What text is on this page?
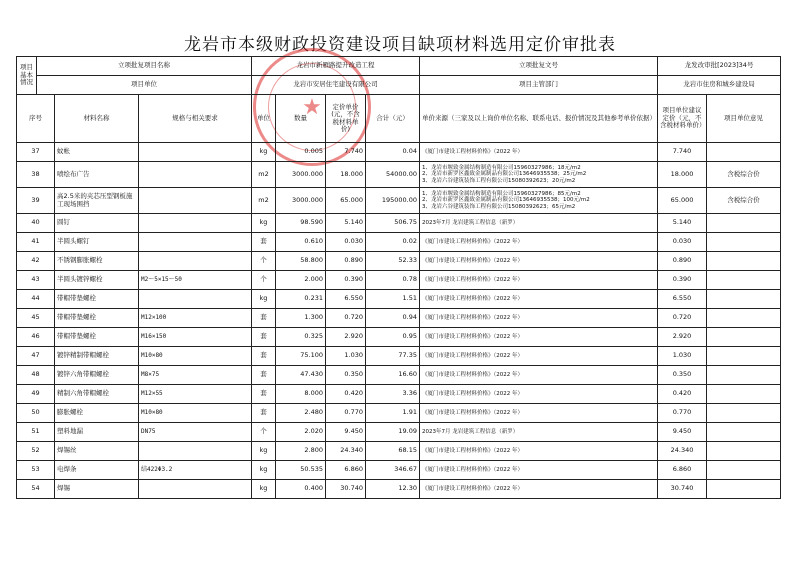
龙岩市本级财政投资建设项目缺项材料选用定价审批表
★
项目基本情况	立项批复项目名称			龙岩市新雁路提升改造工程				立项批复文号	龙发改审批[2023]34号	
	项目单位			龙岩市安居住宅建设有限公司				项目主管部门	龙岩市住房和城乡建设局	
序号		材料名称	规格与相关要求	单位	数量	定价单价(元，不含税材料单价)	合计（元）	单价来源（三家及以上询价单位名称、联系电话、报价情况及其他参考单价依据）	项目单位建议定价（元，不含税材料单价）	项目单位意见
37		蚊帐		kg	0.005	7.740	0.04	《厦门市建设工程材料价格》（2022 年）	7.740	
38		喷绘布广告		m2	3000.000	18.000	54000.00	1、龙岩市堰致金属结构制造有限公司15960327986；18元/m2
2、龙岩市新罗区鑫致金属制品有限公司13646935538；25元/m2
3、龙岩六谷建筑装饰工程有限公司15080392623；20元/m2	18.000	含税综合价
39		高2.5米的夹芯压型钢板施工现场围挡		m2	3000.000	65.000	195000.00	1、龙岩市堰致金属结构制造有限公司15960327986；85元/m2
2、龙岩市新罗区鑫致金属制品有限公司13646935538；100元/m2
3、龙岩六谷建筑装饰工程有限公司15080392623；65元/m2	65.000	含税综合价
40		圆钉		kg	98.590	5.140	506.75	2023年7月 龙岩建筑工程信息（新罗）	5.140	
41		半圆头螺钉		套	0.610	0.030	0.02	《厦门市建设工程材料价格》（2022 年）	0.030	
42		不锈钢膨胀螺栓		个	58.800	0.890	52.33	《厦门市建设工程材料价格》（2022 年）	0.890	
43		半圆头镀锌螺栓	M2～5×15～50	个	2.000	0.390	0.78	《厦门市建设工程材料价格》（2022 年）	0.390	
44		带帽带垫螺栓		kg	0.231	6.550	1.51	《厦门市建设工程材料价格》（2022 年）	6.550	
45		带帽带垫螺栓	M12×100	套	1.300	0.720	0.94	《厦门市建设工程材料价格》（2022 年）	0.720	
46		带帽带垫螺栓	M16×150	套	0.325	2.920	0.95	《厦门市建设工程材料价格》（2022 年）	2.920	
47		镀锌精制带帽螺栓	M10×80	套	75.100	1.030	77.35	《厦门市建设工程材料价格》（2022 年）	1.030	
48		镀锌六角带帽螺栓	M8×75	套	47.430	0.350	16.60	《厦门市建设工程材料价格》（2022 年）	0.350	
49		精制六角带帽螺栓	M12×55	套	8.000	0.420	3.36	《厦门市建设工程材料价格》（2022 年）	0.420	
50		膨胀螺栓	M10×80	套	2.480	0.770	1.91	《厦门市建设工程材料价格》（2022 年）	0.770	
51		塑料地漏	DN75	个	2.020	9.450	19.09	2023年7月 龙岩建筑工程信息（新罗）	9.450	
52		焊锡丝		kg	2.800	24.340	68.15	《厦门市建设工程材料价格》（2022 年）	24.340	
53		电焊条	结422Φ3.2	kg	50.535	6.860	346.67	《厦门市建设工程材料价格》（2022 年）	6.860	
54		焊锡		kg	0.400	30.740	12.30	《厦门市建设工程材料价格》（2022 年）	30.740	
